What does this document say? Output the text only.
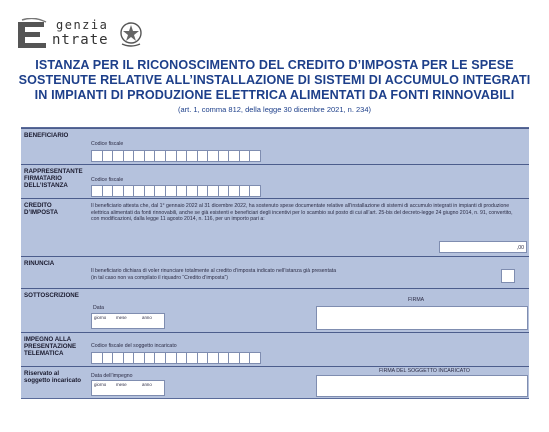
genzia
ntrate
ISTANZA PER IL RICONOSCIMENTO DEL CREDITO D’IMPOSTA PER LE SPESE
SOSTENUTE RELATIVE ALL’INSTALLAZIONE DI SISTEMI DI ACCUMULO INTEGRATI
IN IMPIANTI DI PRODUZIONE ELETTRICA ALIMENTATI DA FONTI RINNOVABILI
(art. 1, comma 812, della legge 30 dicembre 2021, n. 234)
BENEFICIARIO
Codice fiscale
RAPPRESENTANTE FIRMATARIO DELL’ISTANZA
Codice fiscale
CREDITO D’IMPOSTA
Il beneficiario attesta che, dal 1° gennaio 2022 al 31 dicembre 2022, ha sostenuto spese documentate relative all’installazione di sistemi di accumulo integrati in impianti di produzione elettrica alimentati da fonti rinnovabili, anche se già esistenti e beneficiari degli incentivi per lo scambio sul posto di cui all’art. 25-bis del decreto-legge 24 giugno 2014, n. 91, convertito, con modificazioni, dalla legge 11 agosto 2014, n. 116, per un importo pari a:
,00
RINUNCIA
Il beneficiario dichiara di voler rinunciare totalmente al credito d’imposta indicato nell’istanza già presentata
(in tal caso non va compilato il riquadro “Credito d’imposta”)
SOTTOSCRIZIONE
Data
giorno mese	anno
FIRMA
IMPEGNO ALLA PRESENTAZIONE TELEMATICA
Codice fiscale del soggetto incaricato
Riservato al soggetto incaricato
Data dell’impegno
giorno mese	anno
FIRMA DEL SOGGETTO INCARICATO
